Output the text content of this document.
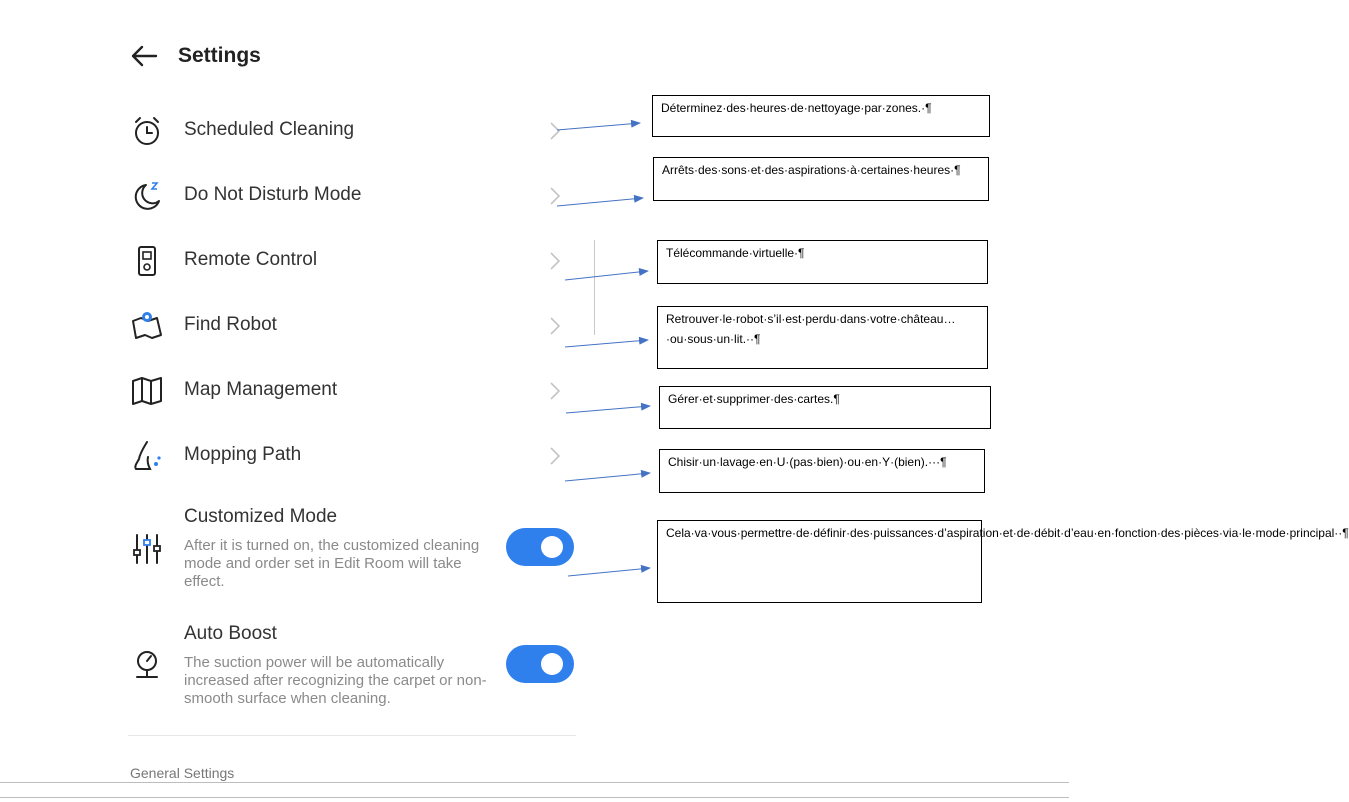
Settings
Scheduled Cleaning
Do Not Disturb Mode
Remote Control
Find Robot
Map Management
Mopping Path
Customized Mode
After it is turned on, the customized cleaning mode and order set in Edit Room will take effect.
Auto Boost
The suction power will be automatically increased after recognizing the carpet or non-smooth surface when cleaning.
General Settings
Déterminez·des·heures·de·nettoyage·par·zones.·¶
Arrêts·des·sons·et·des·aspirations·à·certaines·heures·¶
Télécommande·virtuelle·¶
Retrouver·le·robot·s’il·est·perdu·dans·votre·château…·ou·sous·un·lit.··¶
Gérer·et·supprimer·des·cartes.¶
Chisir·un·lavage·en·U·(pas·bien)·ou·en·Y·(bien).···¶
Cela·va·vous·permettre·de·définir·des·puissances·d’aspiration·et·de·débit·d’eau·en·fonction·des·pièces·via·le·mode·principal··¶
